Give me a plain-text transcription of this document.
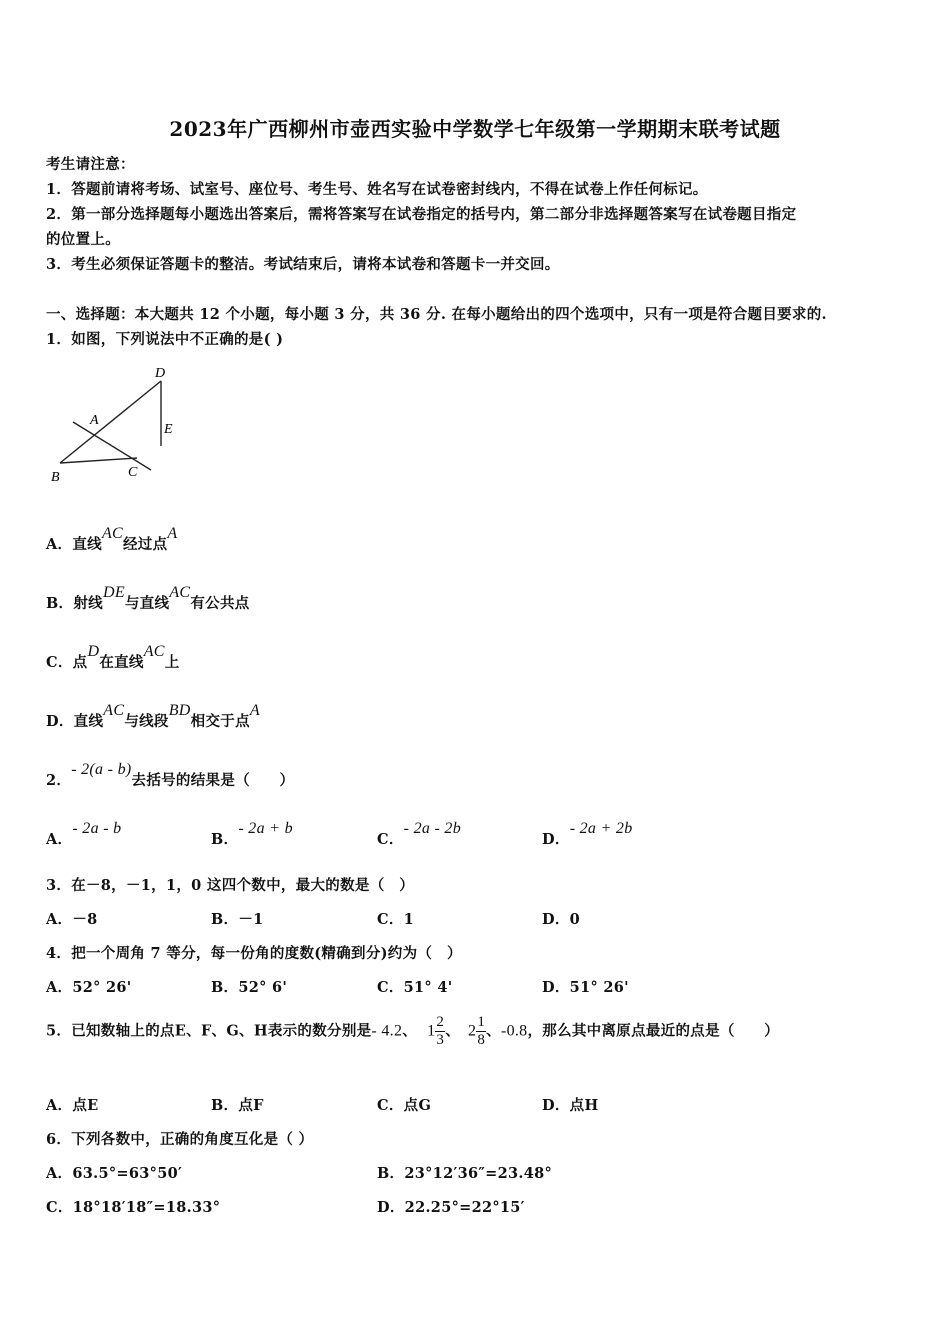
2023年广西柳州市壶西实验中学数学七年级第一学期期末联考试题
考生请注意：
1．答题前请将考场、试室号、座位号、考生号、姓名写在试卷密封线内，不得在试卷上作任何标记。
2．第一部分选择题每小题选出答案后，需将答案写在试卷指定的括号内，第二部分非选择题答案写在试卷题目指定
的位置上。
3．考生必须保证答题卡的整洁。考试结束后，请将本试卷和答题卡一并交回。
一、选择题：本大题共 12 个小题，每小题 3 分，共 36 分. 在每小题给出的四个选项中，只有一项是符合题目要求的.
1．如图，下列说法中不正确的是( )
D
A
E
B	C
A．直线AC经过点A
B．射线DE与直线AC有公共点
C．点D在直线AC上
D．直线AC与线段BD相交于点A
2．- 2(a - b)去括号的结果是（　　）
A．- 2a - b
B．- 2a + b
C．- 2a - 2b
D．- 2a + 2b
3．在－8，－1，1，0 这四个数中，最大的数是（　）
A．－8	B．－1	C．1	D．0
4．把一个周角 7 等分，每一份角的度数(精确到分)约为（　）
A．52° 26'	B．52° 6'	C．51° 4'	D．51° 26'
5．已知数轴上的点E、F、G、H表示的数分别是- 4.2、 $1 \frac{2}{3}$ 、 $2 \frac{1}{8}$ 、-0.8，那么其中离原点最近的点是（　　）
A．点E	B．点F	C．点G	D．点H
6．下列各数中，正确的角度互化是（ ）
A．63.5°=63°50′	B．23°12′36″=23.48°
C．18°18′18″=18.33°	D．22.25°=22°15′
